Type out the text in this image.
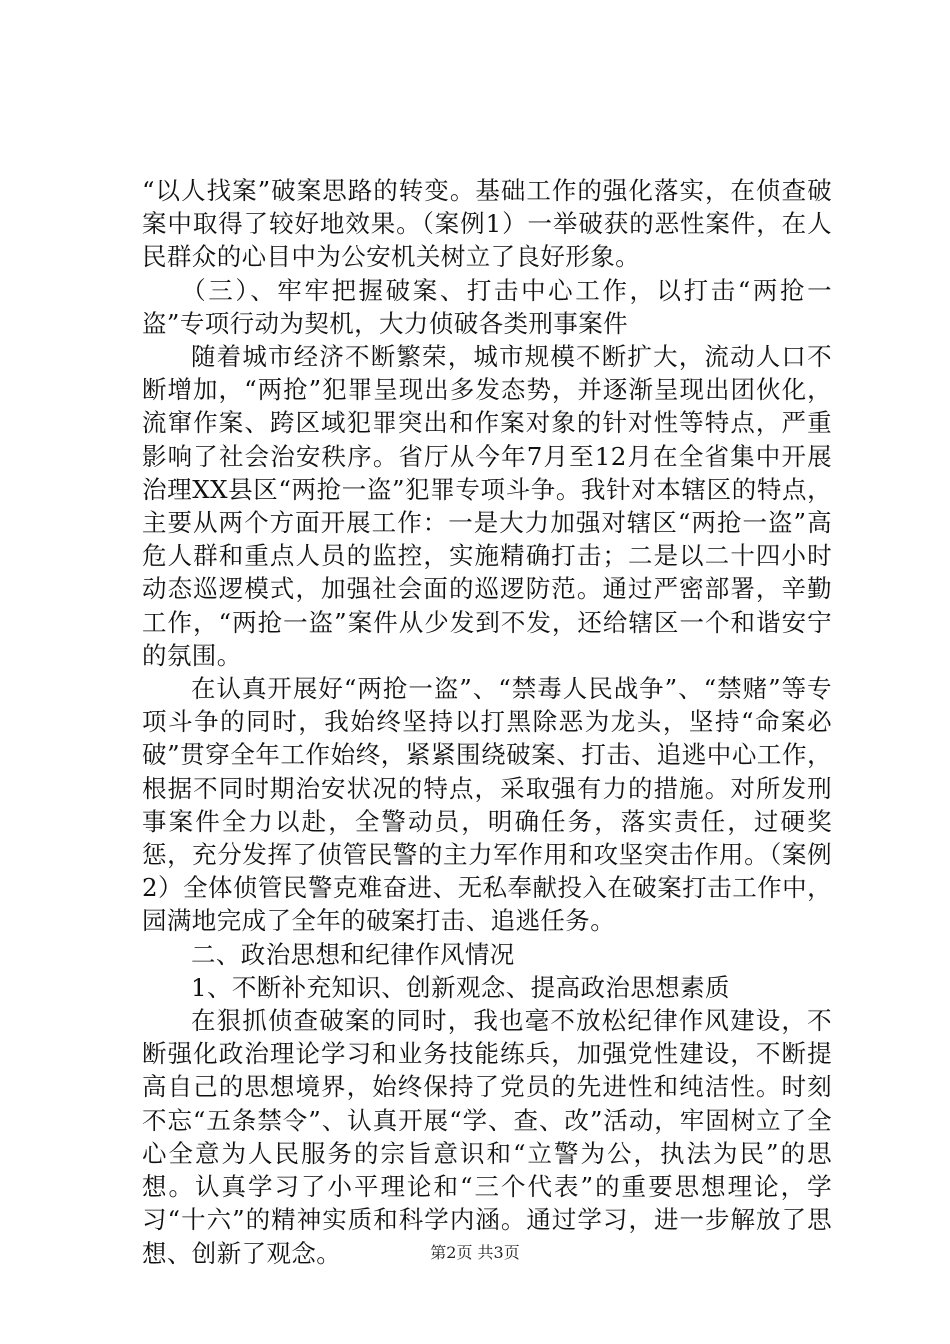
“以人找案”破案思路的转变。基础工作的强化落实，在侦查破案中取得了较好地效果。（案例1）一举破获的恶性案件，在人民群众的心目中为公安机关树立了良好形象。

（三）、牢牢把握破案、打击中心工作，以打击“两抢一盗”专项行动为契机，大力侦破各类刑事案件

随着城市经济不断繁荣，城市规模不断扩大，流动人口不断增加，“两抢”犯罪呈现出多发态势，并逐渐呈现出团伙化，流窜作案、跨区域犯罪突出和作案对象的针对性等特点，严重影响了社会治安秩序。省厅从今年7月至12月在全省集中开展治理XX县区“两抢一盗”犯罪专项斗争。我针对本辖区的特点，主要从两个方面开展工作：一是大力加强对辖区“两抢一盗”高危人群和重点人员的监控，实施精确打击；二是以二十四小时动态巡逻模式，加强社会面的巡逻防范。通过严密部署，辛勤工作，“两抢一盗”案件从少发到不发，还给辖区一个和谐安宁的氛围。

在认真开展好“两抢一盗”、“禁毒人民战争”、“禁赌”等专项斗争的同时，我始终坚持以打黑除恶为龙头，坚持“命案必破”贯穿全年工作始终，紧紧围绕破案、打击、追逃中心工作，根据不同时期治安状况的特点，采取强有力的措施。对所发刑事案件全力以赴，全警动员，明确任务，落实责任，过硬奖惩，充分发挥了侦管民警的主力军作用和攻坚突击作用。（案例2）全体侦管民警克难奋进、无私奉献投入在破案打击工作中，园满地完成了全年的破案打击、追逃任务。

二、政治思想和纪律作风情况

1、不断补充知识、创新观念、提高政治思想素质

在狠抓侦查破案的同时，我也毫不放松纪律作风建设，不断强化政治理论学习和业务技能练兵，加强党性建设，不断提高自己的思想境界，始终保持了党员的先进性和纯洁性。时刻不忘“五条禁令”、认真开展“学、查、改”活动，牢固树立了全心全意为人民服务的宗旨意识和“立警为公，执法为民”的思想。认真学习了小平理论和“三个代表”的重要思想理论，学习“十六”的精神实质和科学内涵。通过学习，进一步解放了思想、创新了观念。	第2页 共3页
